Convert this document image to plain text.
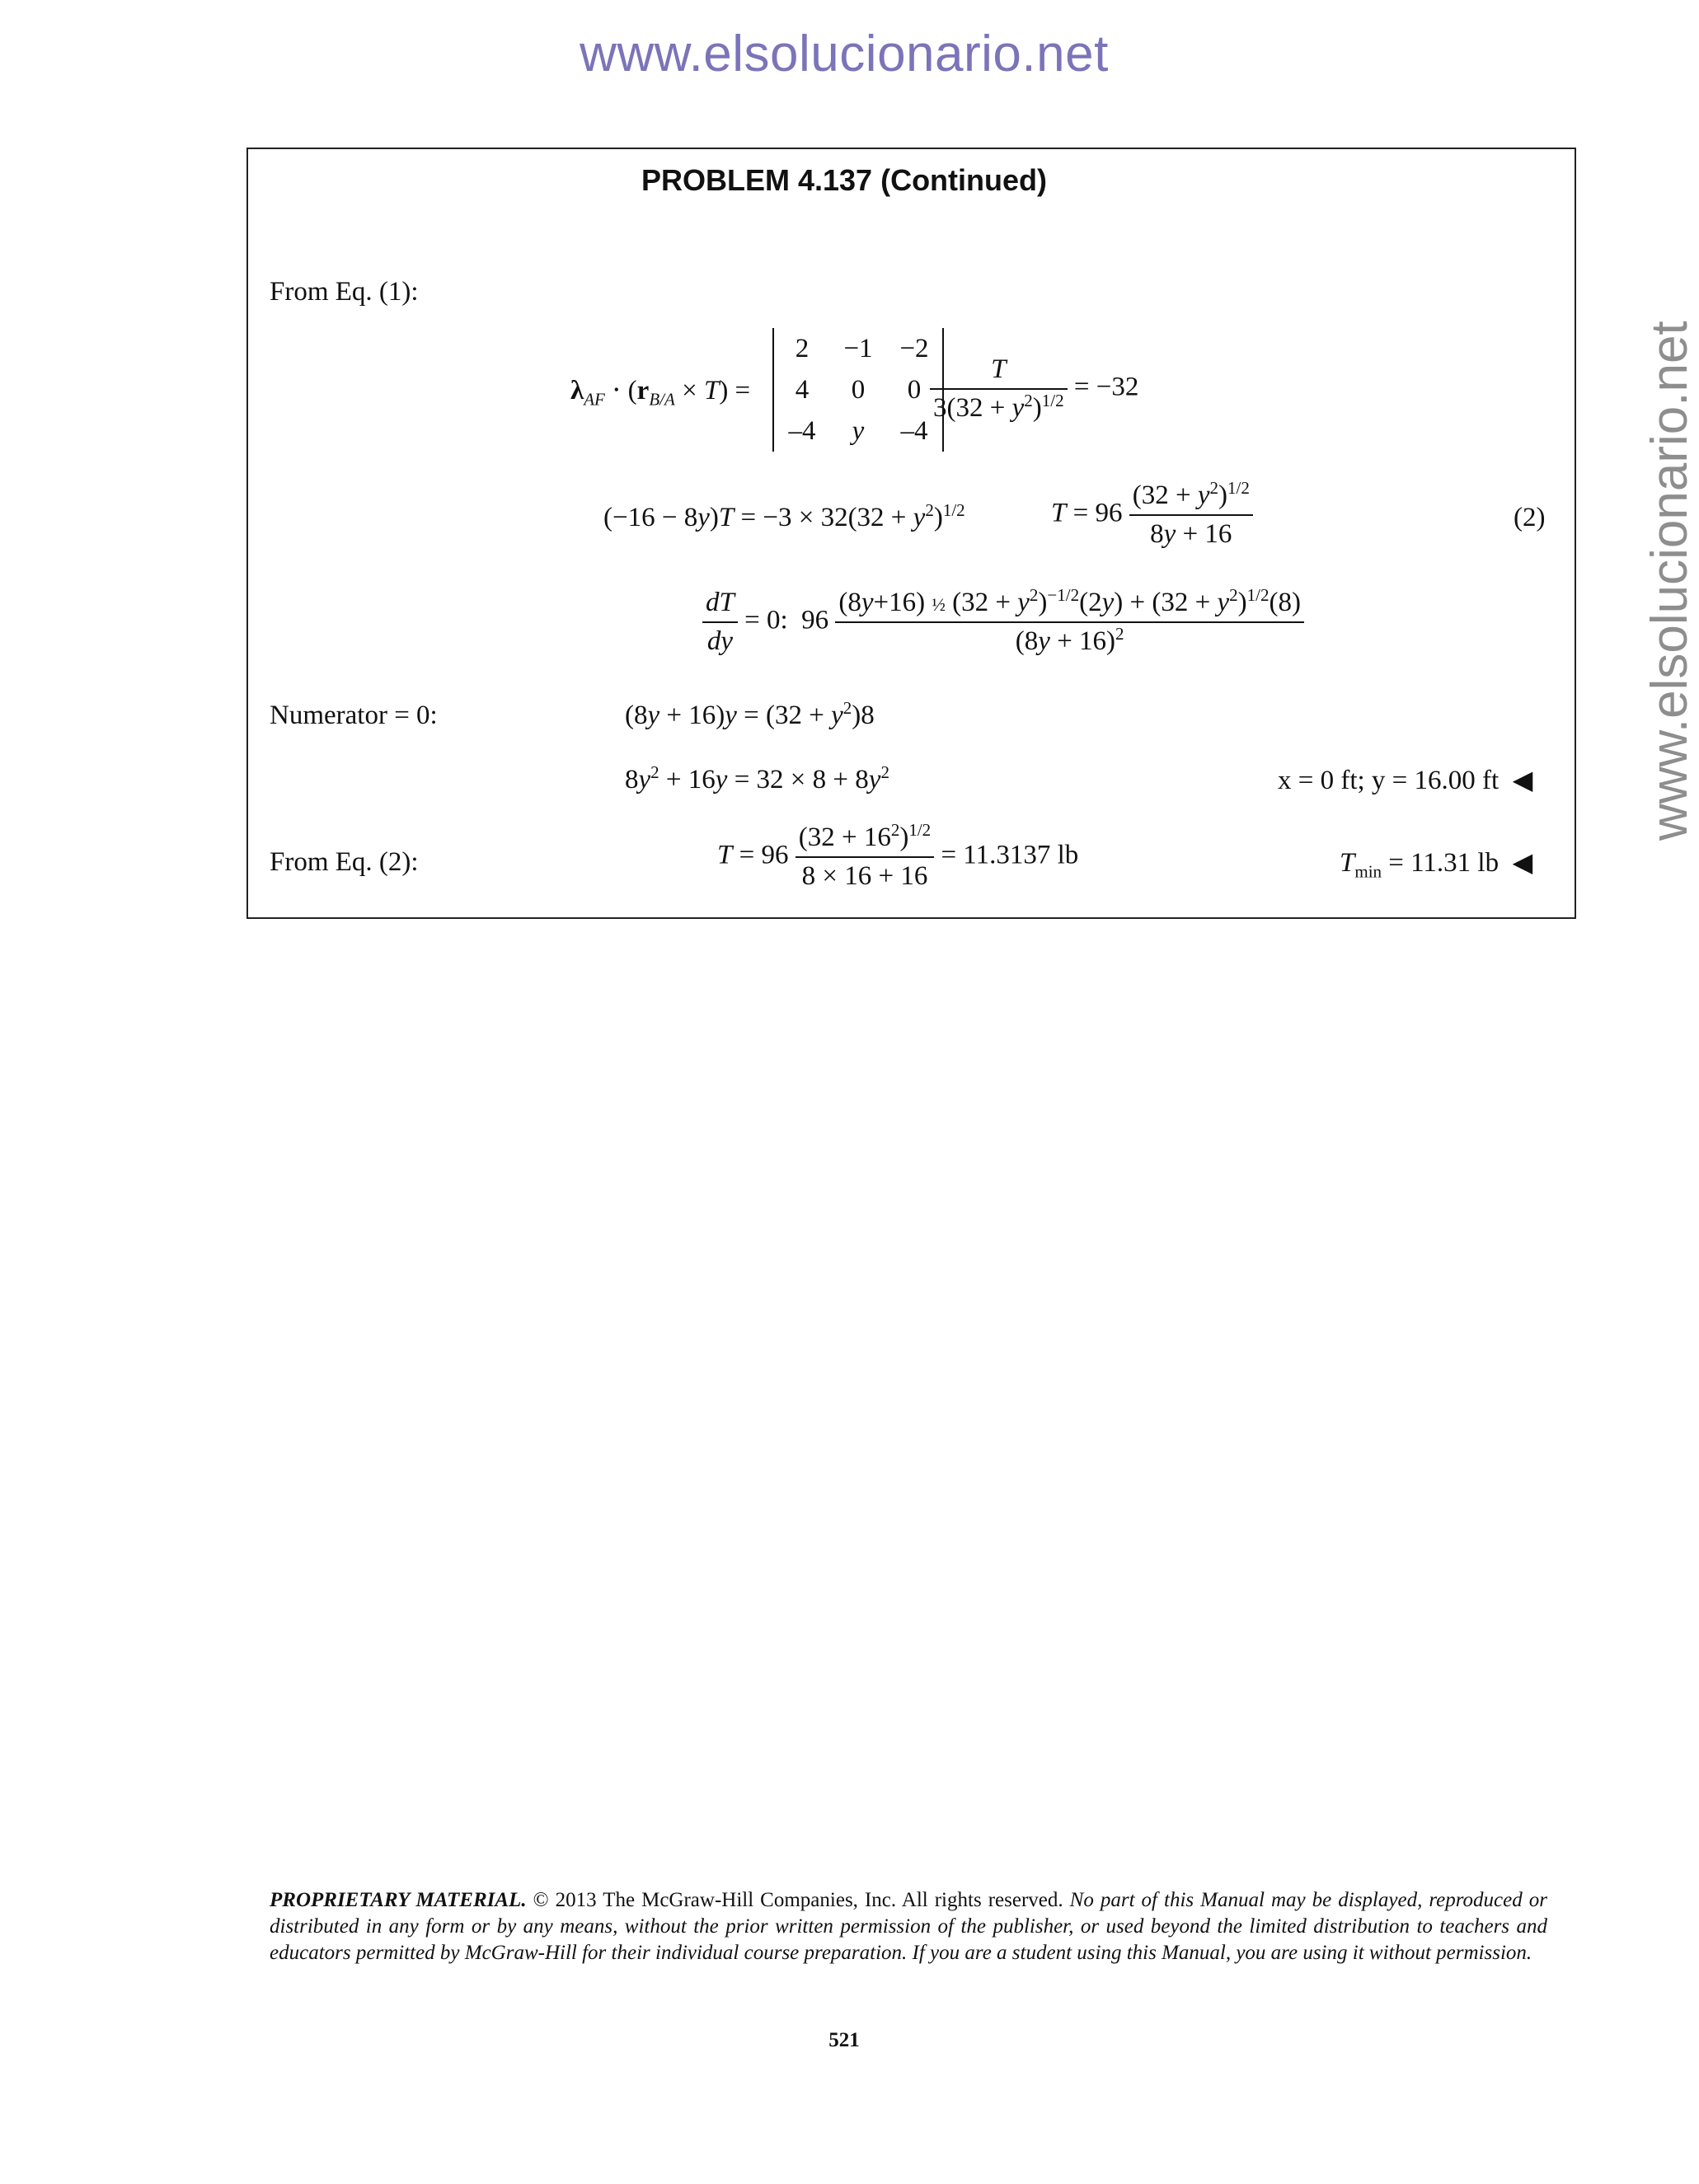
www.elsolucionario.net
www.elsolucionario.net
PROBLEM 4.137 (Continued)
From Eq. (1):
$\lambda_{AF} \cdot (r_{B/A} \times T)$ =
2	−1	−2
4	0	0
–4	y	–4
$\frac{T}{3(32 + y^2)^{1/2}} = -32$
$(-16 - 8y)T = -3 \times 32(32 + y^2)^{1/2}$	$T = 96 \frac{(32 + y^2)^{1/2}}{8y + 16}$	(2)
$\frac{dT}{dy} = 0$:  $96 \frac{(8y+16) \frac{1}{2} (32 + y^2)^{-1/2}(2y) + (32 + y^2)^{1/2}(8)}{(8y + 16)^2}$
Numerator = 0:	$(8y + 16)y = (32 + y^2)8$
$8y^2 + 16y = 32 \times 8 + 8y^2$	x = 0 ft; y = 16.00 ft ◀
From Eq. (2):	$T = 96 \frac{(32 + 16^2)^{1/2}}{8 \times 16 + 16} = 11.3137$ lb	$T_{min} = 11.31$ lb ◀
PROPRIETARY MATERIAL. © 2013 The McGraw-Hill Companies, Inc. All rights reserved. No part of this Manual may be displayed, reproduced or distributed in any form or by any means, without the prior written permission of the publisher, or used beyond the limited distribution to teachers and educators permitted by McGraw-Hill for their individual course preparation. If you are a student using this Manual, you are using it without permission.
521
